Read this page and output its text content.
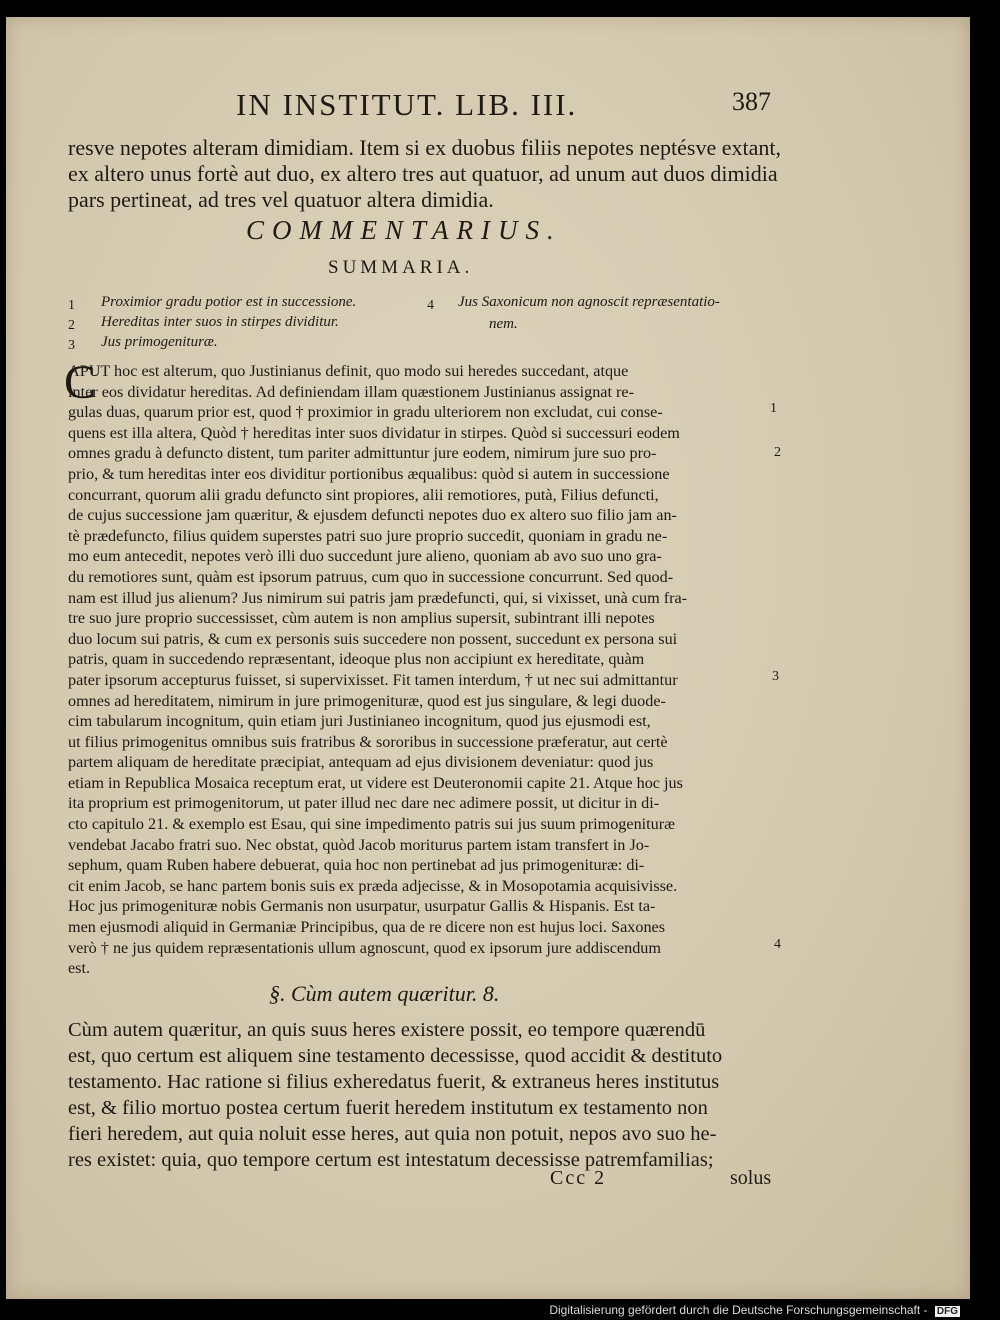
IN INSTITUT. LIB. III.	387
resve nepotes alteram dimidiam. Item si ex duobus filiis nepotes neptésve extant,
ex altero unus fortè aut duo, ex altero tres aut quatuor, ad unum aut duos dimidia
pars pertineat, ad tres vel quatuor altera dimidia.
COMMENTARIUS.
SUMMARIA.
1 Proximior gradu potior est in successione.
2 Hereditas inter suos in stirpes dividitur.
3 Jus primogenituræ.
4 Jus Saxonicum non agnoscit repræsentatio-
nem.
C
APUT hoc est alterum, quo Justinianus definit, quo modo sui heredes succedant, atque
inter eos dividatur hereditas. Ad definiendam illam quæstionem Justinianus assignat re-
gulas duas, quarum prior est, quod † proximior in gradu ulteriorem non excludat, cui conse-
quens est illa altera, Quòd † hereditas inter suos dividatur in stirpes. Quòd si successuri eodem
omnes gradu à defuncto distent, tum pariter admittuntur jure eodem, nimirum jure suo pro-
prio, & tum hereditas inter eos dividitur portionibus æqualibus: quòd si autem in successione
concurrant, quorum alii gradu defuncto sint propiores, alii remotiores, putà, Filius defuncti,
de cujus successione jam quæritur, & ejusdem defuncti nepotes duo ex altero suo filio jam an-
tè prædefuncto, filius quidem superstes patri suo jure proprio succedit, quoniam in gradu ne-
mo eum antecedit, nepotes verò illi duo succedunt jure alieno, quoniam ab avo suo uno gra-
du remotiores sunt, quàm est ipsorum patruus, cum quo in successione concurrunt. Sed quod-
nam est illud jus alienum? Jus nimirum sui patris jam prædefuncti, qui, si vixisset, unà cum fra-
tre suo jure proprio successisset, cùm autem is non amplius supersit, subintrant illi nepotes
duo locum sui patris, & cum ex personis suis succedere non possent, succedunt ex persona sui
patris, quam in succedendo repræsentant, ideoque plus non accipiunt ex hereditate, quàm
pater ipsorum accepturus fuisset, si supervixisset. Fit tamen interdum, † ut nec sui admittantur
omnes ad hereditatem, nimirum in jure primogenituræ, quod est jus singulare, & legi duode-
cim tabularum incognitum, quin etiam juri Justinianeo incognitum, quod jus ejusmodi est,
ut filius primogenitus omnibus suis fratribus & sororibus in successione præferatur, aut certè
partem aliquam de hereditate præcipiat, antequam ad ejus divisionem deveniatur: quod jus
etiam in Republica Mosaica receptum erat, ut videre est Deuteronomii capite 21. Atque hoc jus
ita proprium est primogenitorum, ut pater illud nec dare nec adimere possit, ut dicitur in di-
cto capitulo 21. & exemplo est Esau, qui sine impedimento patris sui jus suum primogenituræ
vendebat Jacabo fratri suo. Nec obstat, quòd Jacob moriturus partem istam transfert in Jo-
sephum, quam Ruben habere debuerat, quia hoc non pertinebat ad jus primogenituræ: di-
cit enim Jacob, se hanc partem bonis suis ex præda adjecisse, & in Mosopotamia acquisivisse.
Hoc jus primogenituræ nobis Germanis non usurpatur, usurpatur Gallis & Hispanis. Est ta-
men ejusmodi aliquid in Germaniæ Principibus, qua de re dicere non est hujus loci. Saxones
verò † ne jus quidem repræsentationis ullum agnoscunt, quod ex ipsorum jure addiscendum
est.
1
2
3
4
§. Cùm autem quæritur. 8.
Cùm autem quæritur, an quis suus heres existere possit, eo tempore quærendū
est, quo certum est aliquem sine testamento decessisse, quod accidit & destituto
testamento. Hac ratione si filius exheredatus fuerit, & extraneus heres institutus
est, & filio mortuo postea certum fuerit heredem institutum ex testamento non
fieri heredem, aut quia noluit esse heres, aut quia non potuit, nepos avo suo he-
res existet: quia, quo tempore certum est intestatum decessisse patremfamilias;
Ccc 2	solus
Digitalisierung gefördert durch die Deutsche Forschungsgemeinschaft - DFG
